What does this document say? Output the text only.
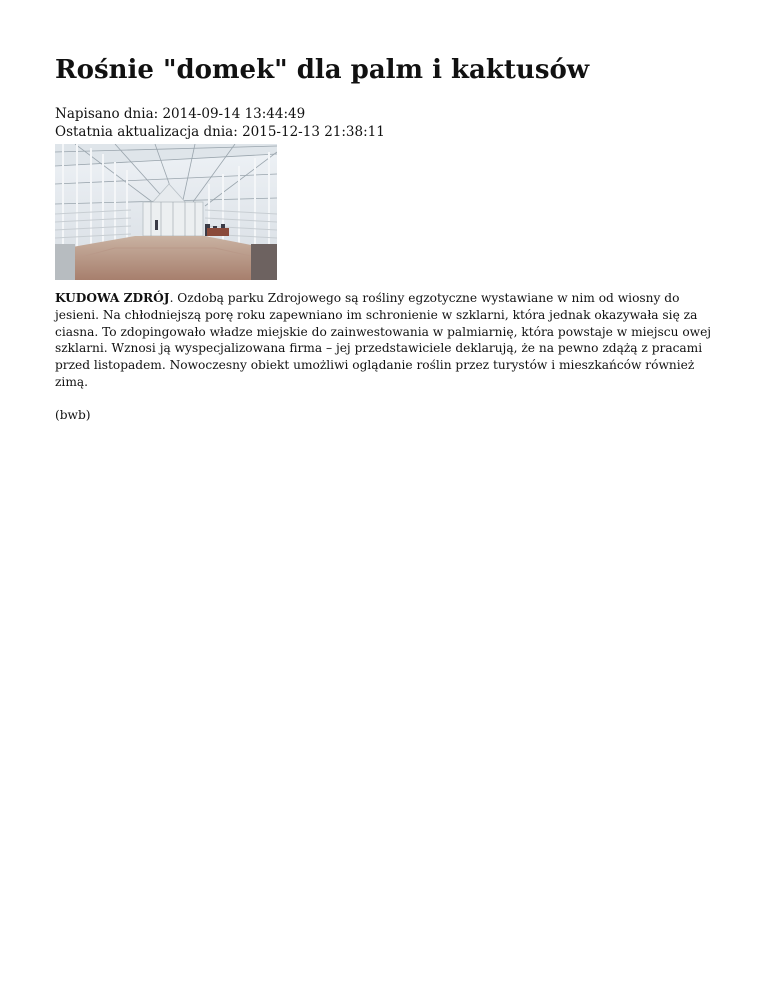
Rośnie "domek" dla palm i kaktusów
Napisano dnia: 2014-09-14 13:44:49
Ostatnia aktualizacja dnia: 2015-12-13 21:38:11
KUDOWA ZDRÓJ. Ozdobą parku Zdrojowego są rośliny egzotyczne wystawiane w nim od wiosny do jesieni. Na chłodniejszą porę roku zapewniano im schronienie w szklarni, która jednak okazywała się za ciasna. To zdopingowało władze miejskie do zainwestowania w palmiarnię, która powstaje w miejscu owej szklarni. Wznosi ją wyspecjalizowana firma – jej przedstawiciele deklarują, że na pewno zdążą z pracami przed listopadem. Nowoczesny obiekt umożliwi oglądanie roślin przez turystów i mieszkańców również zimą.
(bwb)
